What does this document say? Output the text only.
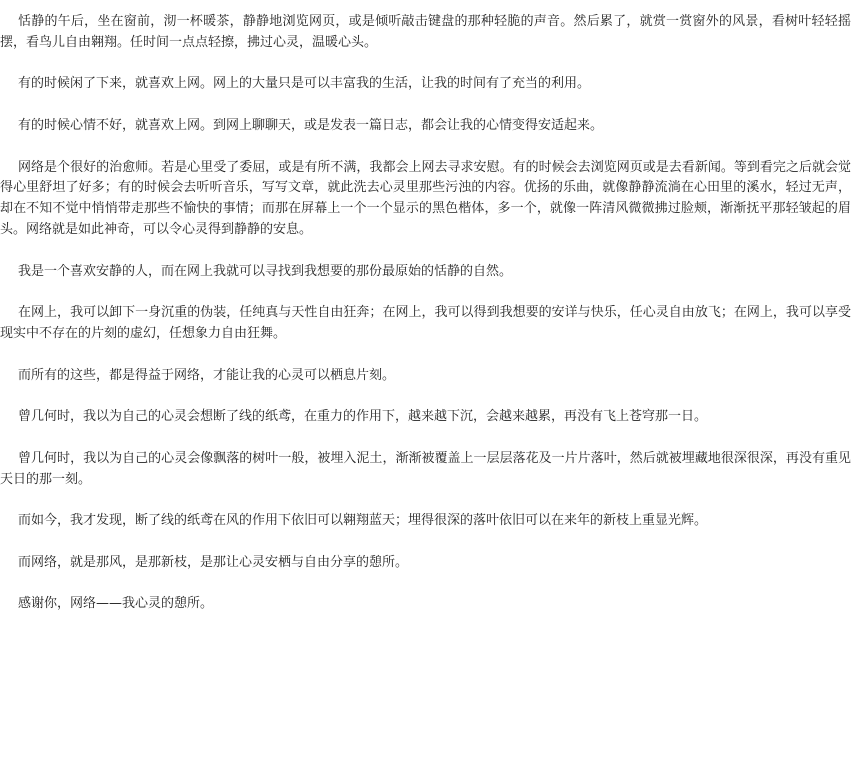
恬静的午后，坐在窗前，沏一杯暖茶，静静地浏览网页，或是倾听敲击键盘的那种轻脆的声音。然后累了，就赏一赏窗外的风景，看树叶轻轻摇摆，看鸟儿自由翱翔。任时间一点点轻擦，拂过心灵，温暖心头。

有的时候闲了下来，就喜欢上网。网上的大量只是可以丰富我的生活，让我的时间有了充当的利用。

有的时候心情不好，就喜欢上网。到网上聊聊天，或是发表一篇日志，都会让我的心情变得安适起来。

网络是个很好的治愈师。若是心里受了委屈，或是有所不满，我都会上网去寻求安慰。有的时候会去浏览网页或是去看新闻。等到看完之后就会觉得心里舒坦了好多；有的时候会去听听音乐，写写文章，就此洗去心灵里那些污浊的内容。优扬的乐曲，就像静静流淌在心田里的溪水，轻过无声，却在不知不觉中悄悄带走那些不愉快的事情；而那在屏幕上一个一个显示的黑色楷体，多一个，就像一阵清风微微拂过脸颊，渐渐抚平那轻皱起的眉头。网络就是如此神奇，可以令心灵得到静静的安息。

我是一个喜欢安静的人，而在网上我就可以寻找到我想要的那份最原始的恬静的自然。

在网上，我可以卸下一身沉重的伪装，任纯真与天性自由狂奔；在网上，我可以得到我想要的安详与快乐，任心灵自由放飞；在网上，我可以享受现实中不存在的片刻的虚幻，任想象力自由狂舞。

而所有的这些，都是得益于网络，才能让我的心灵可以栖息片刻。

曾几何时，我以为自己的心灵会想断了线的纸鸢，在重力的作用下，越来越下沉，会越来越累，再没有飞上苍穹那一日。

曾几何时，我以为自己的心灵会像飘落的树叶一般，被埋入泥土，渐渐被覆盖上一层层落花及一片片落叶，然后就被埋藏地很深很深，再没有重见天日的那一刻。

而如今，我才发现，断了线的纸鸢在风的作用下依旧可以翱翔蓝天；埋得很深的落叶依旧可以在来年的新枝上重显光辉。

而网络，就是那风，是那新枝，是那让心灵安栖与自由分享的憩所。

感谢你，网络——我心灵的憩所。
